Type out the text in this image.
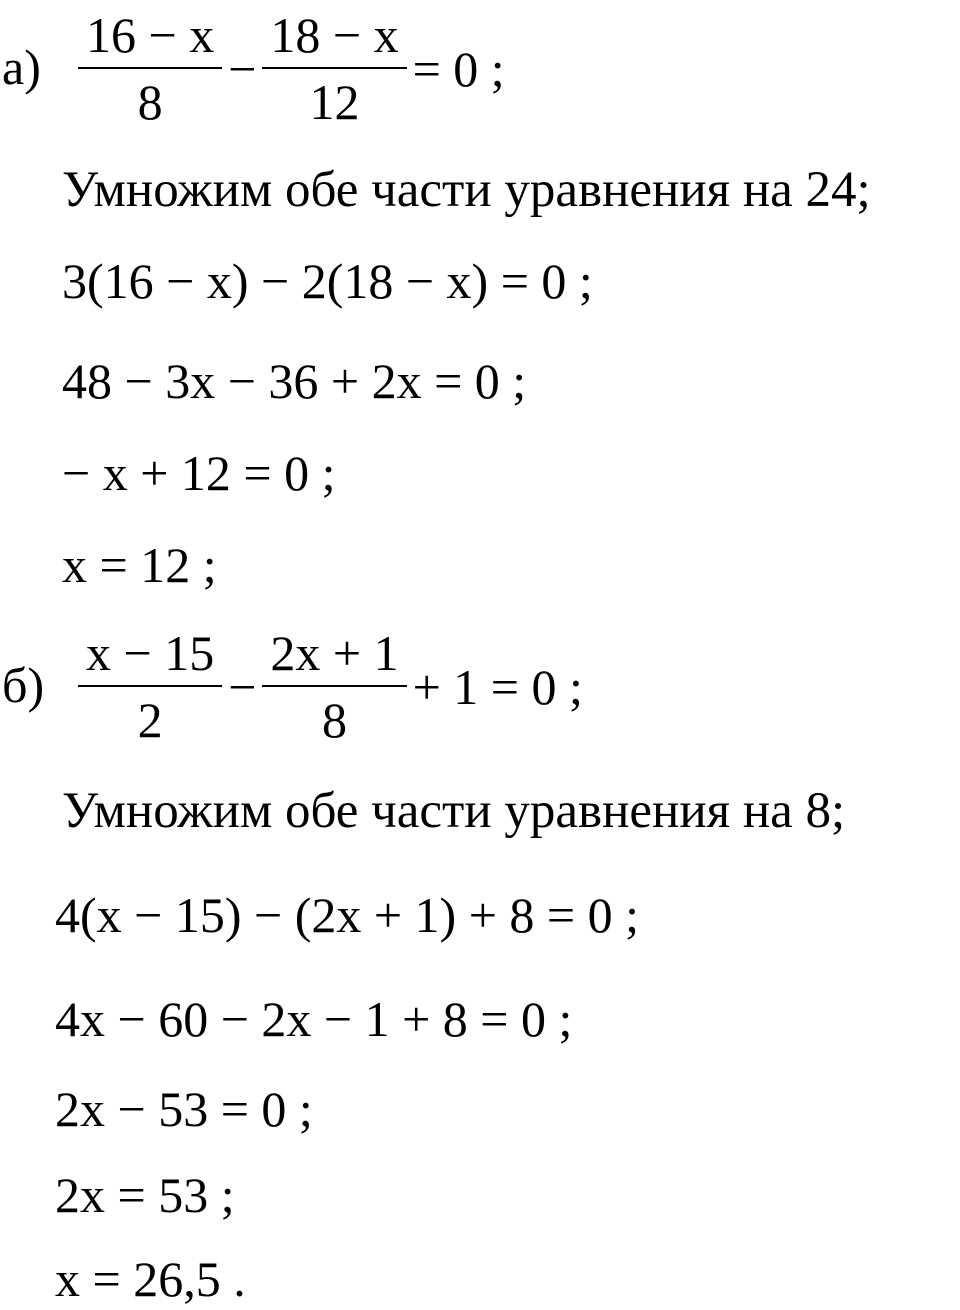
$а) \frac{16 - x}{8} - \frac{18 - x}{12} = 0$ ;
Умножим обе части уравнения на 24;
3(16 − x) − 2(18 − x) = 0 ;
48 − 3x − 36 + 2x = 0 ;
− x + 12 = 0 ;
x = 12 ;
$б) \frac{x - 15}{2} - \frac{2x + 1}{8} + 1 = 0$ ;
Умножим обе части уравнения на 8;
4(x − 15) − (2x + 1) + 8 = 0 ;
4x − 60 − 2x − 1 + 8 = 0 ;
2x − 53 = 0 ;
2x = 53 ;
x = 26,5 .
